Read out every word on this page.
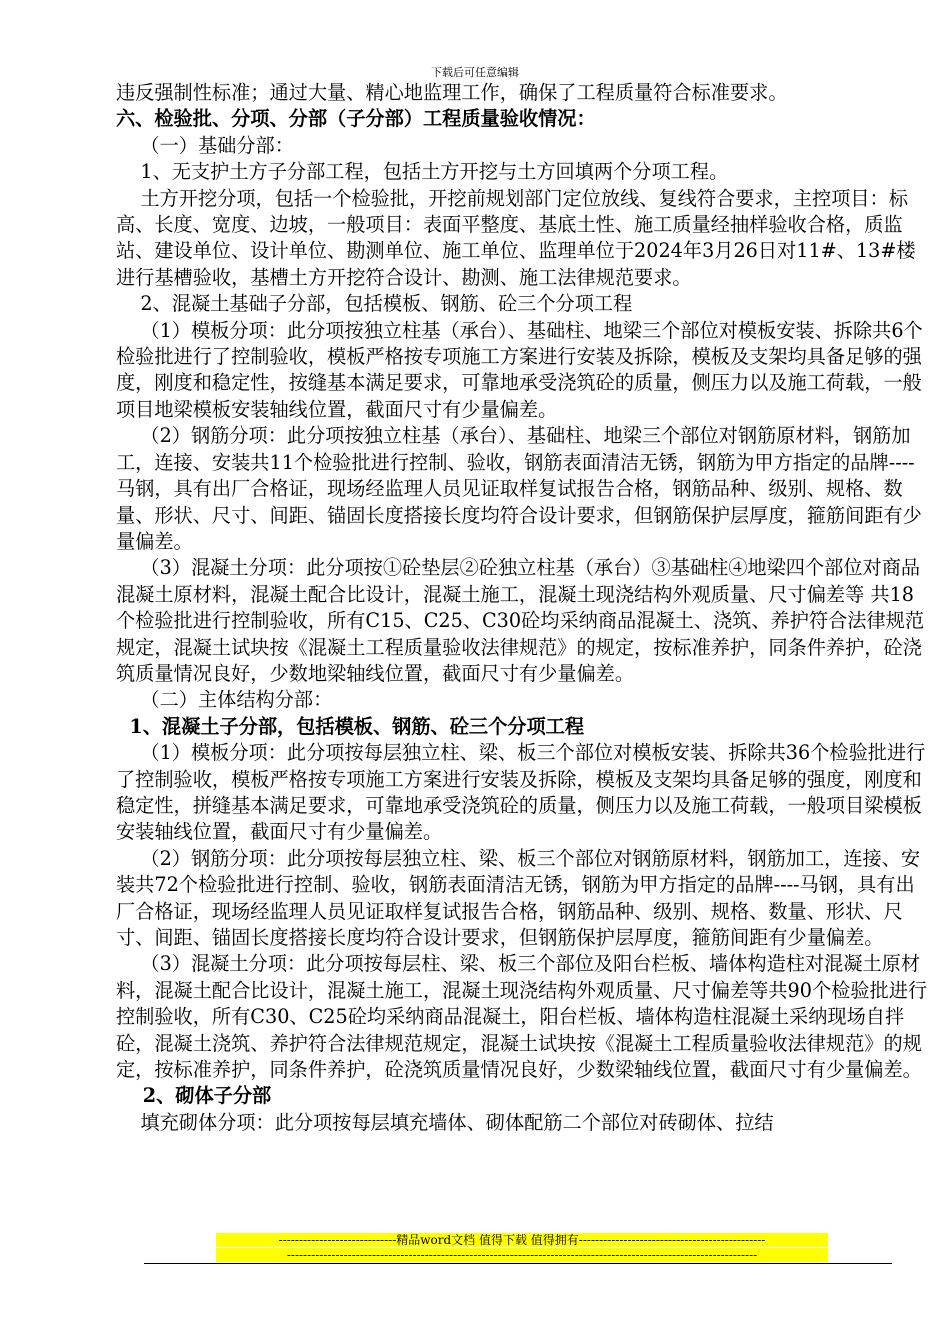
下载后可任意编辑

违反强制性标准；通过大量、精心地监理工作，确保了工程质量符合标准要求。

六、检验批、分项、分部（子分部）工程质量验收情况：

（一）基础分部：

1、无支护土方子分部工程，包括土方开挖与土方回填两个分项工程。

土方开挖分项，包括一个检验批，开挖前规划部门定位放线、复线符合要求，主控项目：标高、长度、宽度、边坡，一般项目：表面平整度、基底土性、施工质量经抽样验收合格，质监站、建设单位、设计单位、勘测单位、施工单位、监理单位于2024年3月26日对11#、13#楼进行基槽验收，基槽土方开挖符合设计、勘测、施工法律规范要求。

2、混凝土基础子分部，包括模板、钢筋、砼三个分项工程

（1）模板分项：此分项按独立柱基（承台）、基础柱、地梁三个部位对模板安装、拆除共6个检验批进行了控制验收，模板严格按专项施工方案进行安装及拆除，模板及支架均具备足够的强度，刚度和稳定性，按缝基本满足要求，可靠地承受浇筑砼的质量，侧压力以及施工荷载，一般项目地梁模板安装轴线位置，截面尺寸有少量偏差。

（2）钢筋分项：此分项按独立柱基（承台）、基础柱、地梁三个部位对钢筋原材料，钢筋加工，连接、安装共11个检验批进行控制、验收，钢筋表面清洁无锈，钢筋为甲方指定的品牌----马钢，具有出厂合格证，现场经监理人员见证取样复试报告合格，钢筋品种、级别、规格、数量、形状、尺寸、间距、锚固长度搭接长度均符合设计要求，但钢筋保护层厚度，箍筋间距有少量偏差。

（3）混凝土分项：此分项按①砼垫层②砼独立柱基（承台）③基础柱④地梁四个部位对商品混凝土原材料，混凝土配合比设计，混凝土施工，混凝土现浇结构外观质量、尺寸偏差等 共18个检验批进行控制验收，所有C15、C25、C30砼均采纳商品混凝土、浇筑、养护符合法律规范规定，混凝土试块按《混凝土工程质量验收法律规范》的规定，按标准养护，同条件养护，砼浇筑质量情况良好，少数地梁轴线位置，截面尺寸有少量偏差。

（二）主体结构分部：

1、混凝土子分部，包括模板、钢筋、砼三个分项工程

（1）模板分项：此分项按每层独立柱、梁、板三个部位对模板安装、拆除共36个检验批进行了控制验收，模板严格按专项施工方案进行安装及拆除，模板及支架均具备足够的强度，刚度和稳定性，拼缝基本满足要求，可靠地承受浇筑砼的质量，侧压力以及施工荷载，一般项目梁模板安装轴线位置，截面尺寸有少量偏差。

（2）钢筋分项：此分项按每层独立柱、梁、板三个部位对钢筋原材料，钢筋加工，连接、安装共72个检验批进行控制、验收，钢筋表面清洁无锈，钢筋为甲方指定的品牌----马钢，具有出厂合格证，现场经监理人员见证取样复试报告合格，钢筋品种、级别、规格、数量、形状、尺寸、间距、锚固长度搭接长度均符合设计要求，但钢筋保护层厚度，箍筋间距有少量偏差。

（3）混凝土分项：此分项按每层柱、梁、板三个部位及阳台栏板、墙体构造柱对混凝土原材料，混凝土配合比设计，混凝土施工，混凝土现浇结构外观质量、尺寸偏差等共90个检验批进行控制验收，所有C30、C25砼均采纳商品混凝土，阳台栏板、墙体构造柱混凝土采纳现场自拌砼，混凝土浇筑、养护符合法律规范规定，混凝土试块按《混凝土工程质量验收法律规范》的规定，按标准养护，同条件养护，砼浇筑质量情况良好，少数梁轴线位置，截面尺寸有少量偏差。

2、砌体子分部

填充砌体分项：此分项按每层填充墙体、砌体配筋二个部位对砖砌体、拉结

-----------------------------精品word文档 值得下载 值得拥有----------------------------------------------
--------------------------------------------------------------------------------------------------------------------
